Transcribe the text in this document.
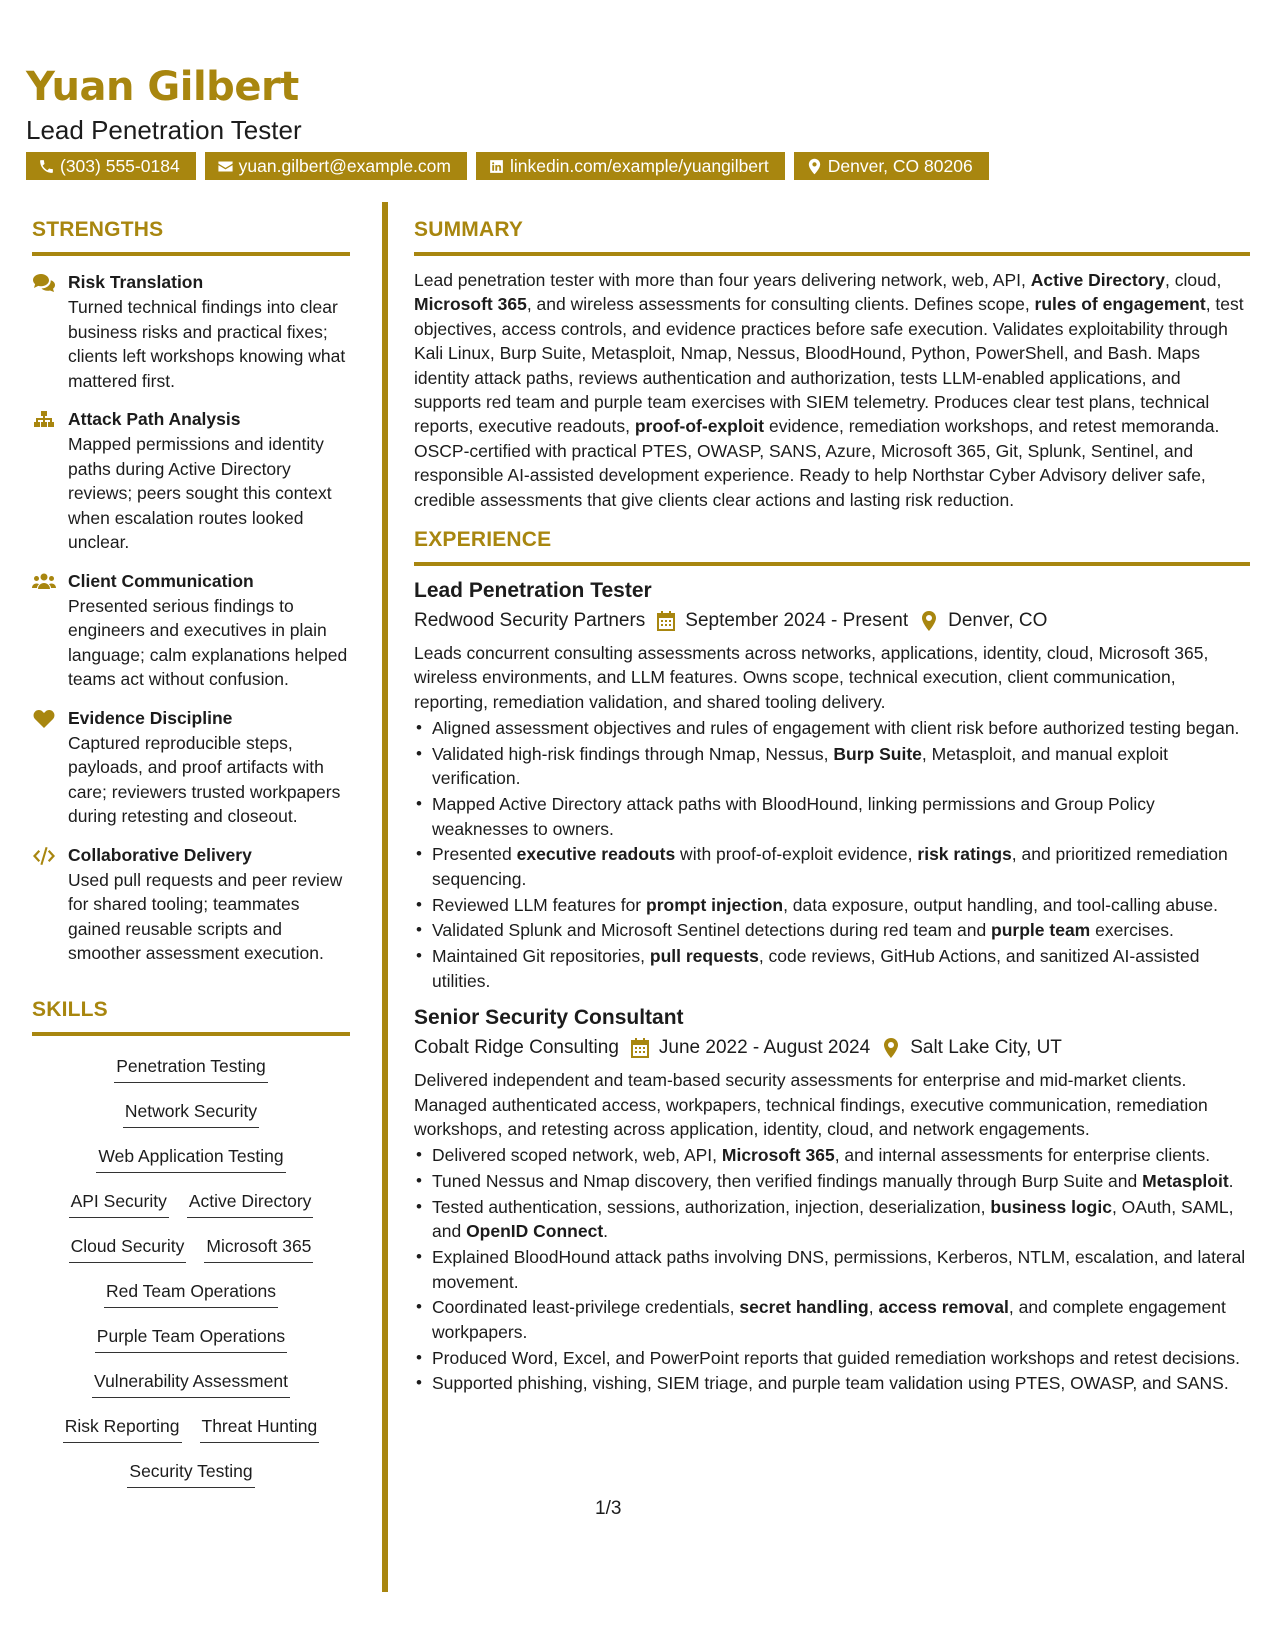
Yuan Gilbert
Lead Penetration Tester
(303) 555-0184	yuan.gilbert@example.com	linkedin.com/example/yuangilbert	Denver, CO 80206
STRENGTHS
Risk Translation
Turned technical findings into clear business risks and practical fixes; clients left workshops knowing what mattered first.
Attack Path Analysis
Mapped permissions and identity paths during Active Directory reviews; peers sought this context when escalation routes looked unclear.
Client Communication
Presented serious findings to engineers and executives in plain language; calm explanations helped teams act without confusion.
Evidence Discipline
Captured reproducible steps, payloads, and proof artifacts with care; reviewers trusted workpapers during retesting and closeout.
Collaborative Delivery
Used pull requests and peer review for shared tooling; teammates gained reusable scripts and smoother assessment execution.
SKILLS
Penetration Testing
Network Security
Web Application Testing
API Security Active Directory
Cloud Security Microsoft 365
Red Team Operations
Purple Team Operations
Vulnerability Assessment
Risk Reporting Threat Hunting
Security Testing
SUMMARY
Lead penetration tester with more than four years delivering network, web, API, Active Directory, cloud, Microsoft 365, and wireless assessments for consulting clients. Defines scope, rules of engagement, test objectives, access controls, and evidence practices before safe execution. Validates exploitability through Kali Linux, Burp Suite, Metasploit, Nmap, Nessus, BloodHound, Python, PowerShell, and Bash. Maps identity attack paths, reviews authentication and authorization, tests LLM-enabled applications, and supports red team and purple team exercises with SIEM telemetry. Produces clear test plans, technical reports, executive readouts, proof-of-exploit evidence, remediation workshops, and retest memoranda. OSCP-certified with practical PTES, OWASP, SANS, Azure, Microsoft 365, Git, Splunk, Sentinel, and responsible AI-assisted development experience. Ready to help Northstar Cyber Advisory deliver safe, credible assessments that give clients clear actions and lasting risk reduction.
EXPERIENCE
Lead Penetration Tester
Redwood Security Partners September 2024 - Present Denver, CO
Leads concurrent consulting assessments across networks, applications, identity, cloud, Microsoft 365, wireless environments, and LLM features. Owns scope, technical execution, client communication, reporting, remediation validation, and shared tooling delivery.
• Aligned assessment objectives and rules of engagement with client risk before authorized testing began.
• Validated high-risk findings through Nmap, Nessus, Burp Suite, Metasploit, and manual exploit verification.
• Mapped Active Directory attack paths with BloodHound, linking permissions and Group Policy weaknesses to owners.
• Presented executive readouts with proof-of-exploit evidence, risk ratings, and prioritized remediation sequencing.
• Reviewed LLM features for prompt injection, data exposure, output handling, and tool-calling abuse.
• Validated Splunk and Microsoft Sentinel detections during red team and purple team exercises.
• Maintained Git repositories, pull requests, code reviews, GitHub Actions, and sanitized AI-assisted utilities.
Senior Security Consultant
Cobalt Ridge Consulting June 2022 - August 2024 Salt Lake City, UT
Delivered independent and team-based security assessments for enterprise and mid-market clients. Managed authenticated access, workpapers, technical findings, executive communication, remediation workshops, and retesting across application, identity, cloud, and network engagements.
• Delivered scoped network, web, API, Microsoft 365, and internal assessments for enterprise clients.
• Tuned Nessus and Nmap discovery, then verified findings manually through Burp Suite and Metasploit.
• Tested authentication, sessions, authorization, injection, deserialization, business logic, OAuth, SAML, and OpenID Connect.
• Explained BloodHound attack paths involving DNS, permissions, Kerberos, NTLM, escalation, and lateral movement.
• Coordinated least-privilege credentials, secret handling, access removal, and complete engagement workpapers.
• Produced Word, Excel, and PowerPoint reports that guided remediation workshops and retest decisions.
• Supported phishing, vishing, SIEM triage, and purple team validation using PTES, OWASP, and SANS.
1/3
